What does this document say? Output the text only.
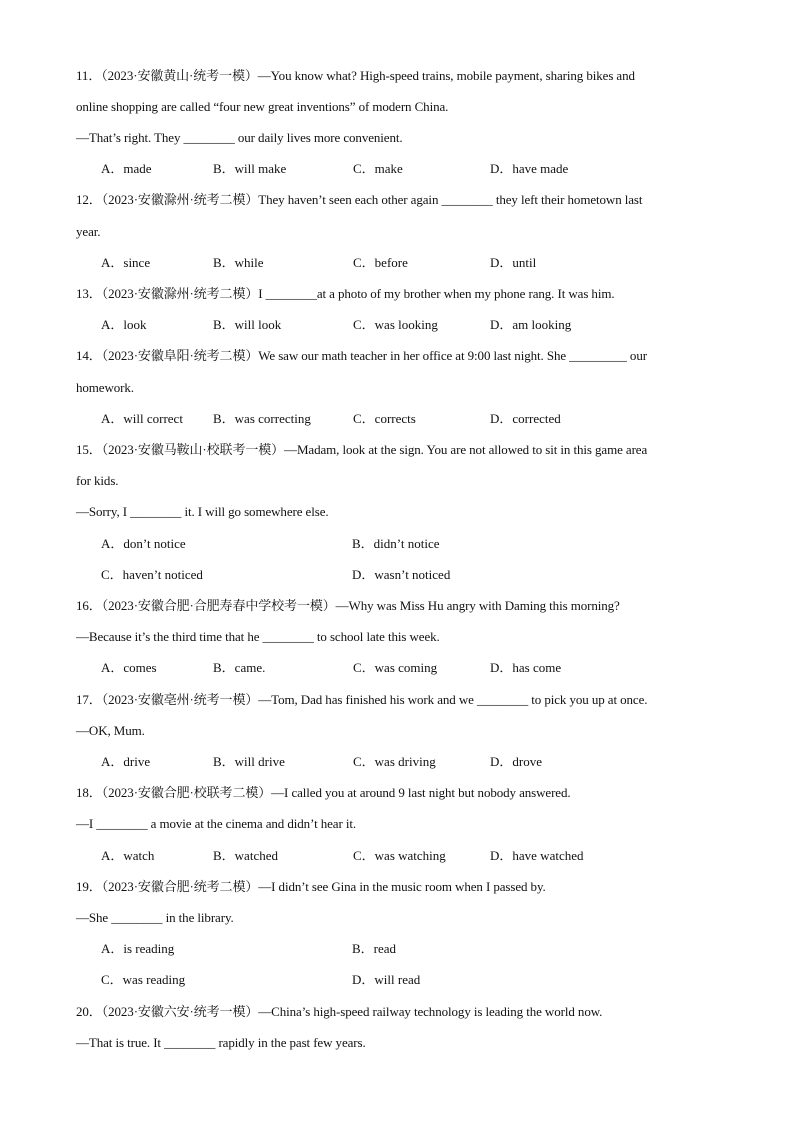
11．（2023·安徽黄山·统考一模）—You know what? High-speed trains, mobile payment, sharing bikes and
online shopping are called “four new great inventions” of modern China.
—That’s right. They ________ our daily lives more convenient.
A．made	B．will make	C．make	D．have made
12．（2023·安徽滁州·统考二模）They haven’t seen each other again ________ they left their hometown last
year.
A．since	B．while	C．before	D．until
13．（2023·安徽滁州·统考二模）I ________at a photo of my brother when my phone rang. It was him.
A．look	B．will look	C．was looking	D．am looking
14．（2023·安徽阜阳·统考二模）We saw our math teacher in her office at 9:00 last night. She _________ our
homework.
A．will correct B．was correcting	C．corrects	D．corrected
15．（2023·安徽马鞍山·校联考一模）—Madam, look at the sign. You are not allowed to sit in this game area
for kids.
—Sorry, I ________ it. I will go somewhere else.
A．don’t notice	B．didn’t notice
C．haven’t noticed	D．wasn’t noticed
16．（2023·安徽合肥·合肥寿春中学校考一模）—Why was Miss Hu angry with Daming this morning?
—Because it’s the third time that he ________ to school late this week.
A．comes	B．came.	C．was coming	D．has come
17．（2023·安徽亳州·统考一模）—Tom, Dad has finished his work and we ________ to pick you up at once.
—OK, Mum.
A．drive	B．will drive	C．was driving	D．drove
18．（2023·安徽合肥·校联考二模）—I called you at around 9 last night but nobody answered.
—I ________ a movie at the cinema and didn’t hear it.
A．watch	B．watched	C．was watching	D．have watched
19．（2023·安徽合肥·统考二模）—I didn’t see Gina in the music room when I passed by.
—She ________ in the library.
A．is reading	B．read
C．was reading	D．will read
20．（2023·安徽六安·统考一模）—China’s high-speed railway technology is leading the world now.
—That is true. It ________ rapidly in the past few years.
